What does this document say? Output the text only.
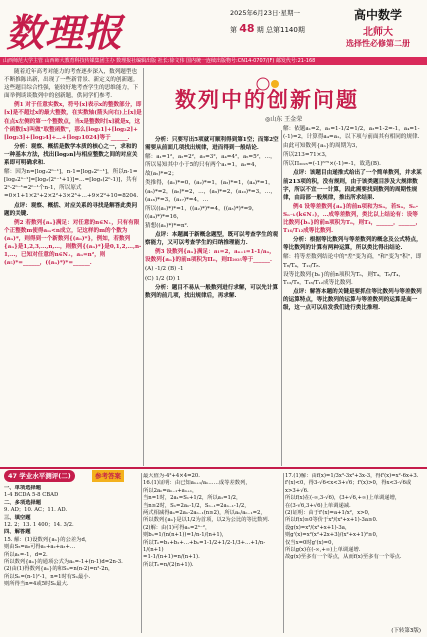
数理报	2025年6月23日·星期一
第 48 期 总第1140期
高中数学
北师大
选择性必修第二册
山西师范大学主管 山西师大教育科技传媒集团主办 数理报社编辑出版 社长:徐文伟 国内统一连续出版物号:CN14-0707/(F) 邮发代号:21-168
数列中的创新问题
◎山东 王金荣

随着近年高考对能力的考查逐步深入，数列题型也不断推陈出新，出现了一些新背景、新定义的创新题。这些题目综合性强，能较好地考查学生的思维能力，下面举例谈谈数列中的创新题，供同学们参考.

例1 对于任意实数x，符号[x]表示x的整数部分，即[x]是不超过x的最大整数，在实数轴(箭头向右)上[x]是在点x左侧的第一个整数点，当x是整数时[x]就是x，这个函数[x]叫做"取整函数"，那么[log₂1]+[log₂2]+[log₂3]+[log₂4]+…+[log₂1024]等于______.

分析：观察、概括是数学本质的核心之一，求和的一种基本方法，找出[log₂n]与相应整数之间的对应关系即可明确求和.

解：因为n=[log₂2ⁿ⁻¹]，n-1=[log₂2ⁿ⁻¹]，所以n-1=[log₂2ⁿ⁻¹]=[log₂(2ⁿ⁻¹+1)]=…=[log₂(2ⁿ-1)]，共有2ⁿ-2ⁿ⁻¹=2ⁿ⁻¹个n-1，所以原式=0×1+1×2¹+2×2²+3×2³+…+9×2⁹+10=8204.

点评：观察、概括、对应关系的寻找是解答此类问题的关键.

例2 若数列{aₙ}满足：对任意的n∈N₊，只有有限个正整数m使得aₘ<n成立，记这样的m的个数为(aₙ)*，则得到一个新数列{(aₙ)*}，例如，若数列{aₙ}是1,2,3,…,n,…，则数列{(aₙ)*}是0,1,2,…,n-1,…，已知对任意的n∈N₊，aₙ=n²，则(a₅)*=______，((aₙ)*)*=______.

分析：只要写出5项就可顺利得到第1空；而第2空需要从前面几项找出规律，进而得到一般结论.

解：a₁=1²，a₂=2²，a₃=3²，a₄=4²，a₅=5²，…，所以易知其中小于5的只有两个a₁=1，a₂=4，

故(a₅)*=2；

类推得，(a₁)*=0，(a₂)*=1，(a₃)*=1，(a₄)*=1，(a₅)*=2，(a₆)*=2，…，(a₉)*=2，(a₁₀)*=3，…，(a₁₆)*=3，(a₁₇)*=4，…

所以((a₁)*)*=1，((a₂)*)*=4，((a₃)*)*=9，((a₄)*)*=16，

猜想((aₙ)*)*=n².

点评：本题属于新概念题型，既可以考查学生的观察能力，又可以考查学生的归纳推理能力.

例3 设数列{aₙ}满足：a₁=2，aₙ₊₁=1-1/aₙ，设数列{aₙ}的前n项积为Πₙ，则Π₂₀₂₅等于______.

(A) -1/2 (B) -1

(C) 1/2 (D) 1

分析：题目不易从一般数列进行求解，可以先计算数列的前几项，找出规律后，再求解.

解：依题a₁=2，a₂=1-1/2=1/2，a₃=1-2=-1，a₄=1-(-1)=2，计算得a₄=a₁，以下项与前面其有相同的规律.

由此可知数列{aₙ}的周期为3，

所以213=71×3，

所以Π₂₀₂₅=(-1)⁶⁷⁵×(-1)=-1，故选(B).

点评：该题目由递推式给出了一个简单数列，并求某前213项的积，没有规则，由于该类题目涉及大规律数字，所以不宜一一计算，因此需要找到数列的周期性规律，由局部一般规律，推出所求结果.

例4 设等差数列{aₙ}的前n项和为Sₙ，若Sₙ，Sₙ-Sₙ₋ₖ(k∈N₊)，…成等差数列，类比以上结论有：设等比数列{bₙ}的前n项积为Tₙ，则T₄，______，______，T₁₆/T₁₂成等比数列.

分析：根据等比数列与等差数列的概念及公式特点，等比数列的计算有两种运算，所以类比得出结论.

解：将等差数列结论中的"差"变为商，"和"变为"积"，即T₈/T₄，T₁₂/T₈.

设等比数列{bₙ}的前n项积为Tₙ，则T₄，T₈/T₄，T₁₂/T₈，T₁₆/T₁₂成等比数列.

点评：解答本题的关键是要抓住等比数列与等差数列的运算特点，等比数列的运算与等差数列的运算是高一级，这一点可以启发我们进行类比推理.

47 学业水平测评(二)	参考答案

一、单项选择题

1-4 BCDA 5-8 CBAD

二、多项选择题

9. AD；10. AC；11. AD.

三、填空题

12. 2；13. 1 400；14. 3/2.

四、解答题

15. 解：(1)设数列{aₙ}的公差为d，

则由S₅=a₈可得a₁+a₂+a₃+…

所以a₁=-1，d=2.

所以数列{aₙ}的通项公式为aₙ=-1+(n-1)d=2n-3.

(2)由(1)得数列{aₙ}的和Sₙ=n(n-2)=n²-2n，

所以Sₙ=(n-1)²-1，n=1时有Sₙ最小.

则所得当n=4或5时Sₙ最大.

最大值为-4²+4×4=20.

16.(1)证明：由已知aₙ₊₁/aₙ……成等差数列，

所以2aₙ=aₙ₋₁+aₙ₊₁，

当n=1时，2a₁=S₁+1/2，所以a₁=1/2，

当n≥2时，Sₙ=2aₙ-1/2，Sₙ₋₁=2aₙ₋₁-1/2，

两式相减得aₙ=2aₙ-2aₙ₋₁(n≥2)，所以aₙ/aₙ₋₁=2，

所以数列{aₙ}是以1/2为首项，以2为公比的等比数列.

(2)解：由(1)可得aₙ=2ⁿ⁻²，

则bₙ=1/(n(n+1))=1/n-1/(n+1)，

所以Tₙ=b₁+b₂+…+bₙ=1-1/2+1/2-1/3+…+1/n-1/(n+1)

=1-1/(n+1)=n/(n+1).

所以Tₙ=n/(2(n+1)).

17.(1)解：由f(x)=1/3x³-3x²+3x-3，得f'(x)=x²-6x+3.

f'(x)<0，得3-√6<x<3+√6；f'(x)>0，得x<3-√6或x>3+√6.

所以f(x)在(-∞,3-√6)，(3+√6,+∞)上单调递增，

在(3-√6,3+√6)上单调递减.

(2)证明：由于f'(x)=a+1/x²，x>0，

所以f(x)≥0等价于x³/(x²+x+1)-3a≥0.

设g(x)=x³/(x²+x+1)-3a，

则g'(x)=x²(x²+2x+3)/(x²+x+1)²≥0，

仅当x=0时g'(x)=0，

所以g(x)在(-∞,+∞)上单调递增.

故g(x)至多有一个零点，从而f(x)至多有一个零点.

(下转第3版)
